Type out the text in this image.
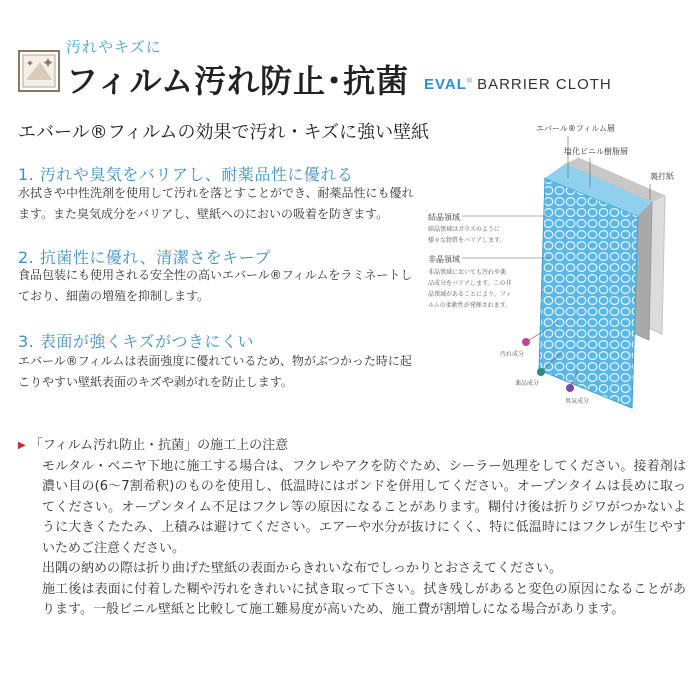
汚れやキズに
フィルム汚れ防止･抗菌 EVAL® BARRIER CLOTH
エバール®フィルムの効果で汚れ・キズに強い壁紙
1. 汚れや臭気をバリアし、耐薬品性に優れる
水拭きや中性洗剤を使用して汚れを落とすことができ、耐薬品性にも優れます。また臭気成分をバリアし、壁紙へのにおいの吸着を防ぎます。
2. 抗菌性に優れ、清潔さをキープ
食品包装にも使用される安全性の高いエバール®フィルムをラミネートしており、細菌の増殖を抑制します。
3. 表面が強くキズがつきにくい
エバール®フィルムは表面強度に優れているため、物がぶつかった時に起こりやすい壁紙表面のキズや剥がれを防止します。
エバール®フィルム層
塩化ビニル樹脂層
裏打紙
結晶領域
結晶領域はガラスのように
様々な物質をバリアします。
非晶領域
非晶領域においても汚れや薬
品成分をバリアします。この非
晶領域があることにより、フィ
ルムの柔軟性が発揮されます。
汚れ成分
薬品成分
臭気成分
▶ 「フィルム汚れ防止・抗菌」の施工上の注意

モルタル・ベニヤ下地に施工する場合は、フクレやアクを防ぐため、シーラー処理をしてください。接着剤は濃い目の(6～7割希釈)のものを使用し、低温時にはボンドを併用してください。オープンタイムは長めに取ってください。オープンタイム不足はフクレ等の原因になることがあります。糊付け後は折りジワがつかないように大きくたたみ、上積みは避けてください。エアーや水分が抜けにくく、特に低温時にはフクレが生じやすいためご注意ください。

出隅の納めの際は折り曲げた壁紙の表面からきれいな布でしっかりとおさえてください。

施工後は表面に付着した糊や汚れをきれいに拭き取って下さい。拭き残しがあると変色の原因になることがあります。一般ビニル壁紙と比較して施工難易度が高いため、施工費が割増しになる場合があります。
